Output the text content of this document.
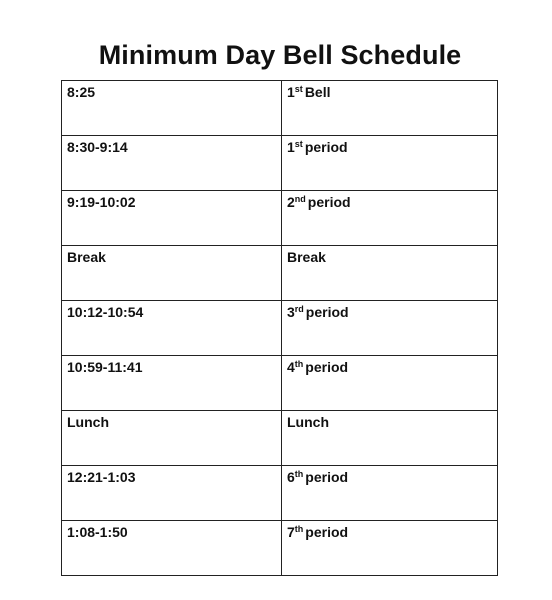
Minimum Day Bell Schedule
8:25	1st Bell
8:30-9:14	1st period
9:19-10:02	2nd period
Break	Break
10:12-10:54	3rd period
10:59-11:41	4th period
Lunch	Lunch
12:21-1:03	6th period
1:08-1:50	7th period
